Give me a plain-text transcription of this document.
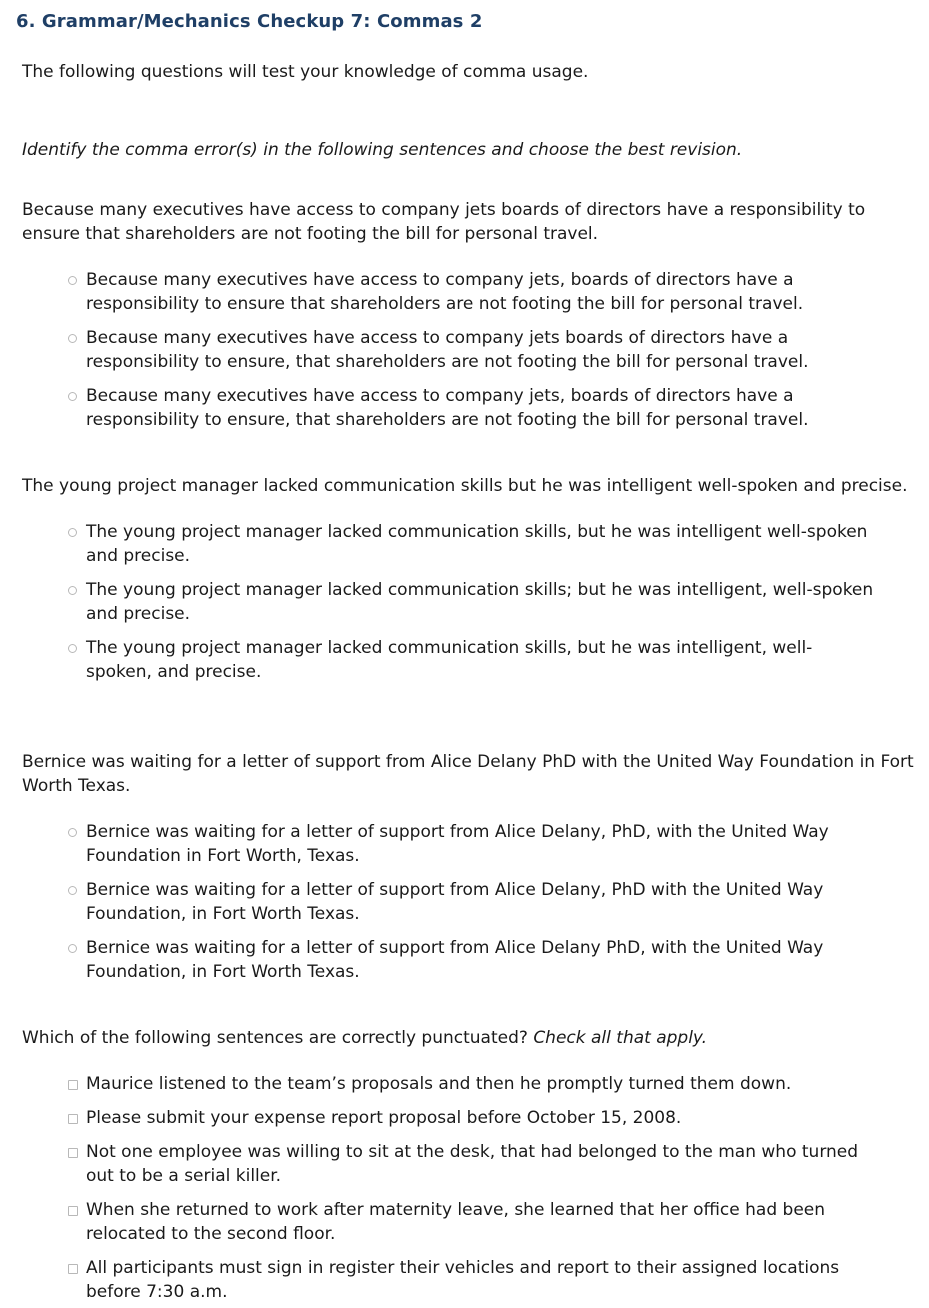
6. Grammar/Mechanics Checkup 7: Commas 2

The following questions will test your knowledge of comma usage.

Identify the comma error(s) in the following sentences and choose the best revision.

Because many executives have access to company jets boards of directors have a responsibility to ensure that shareholders are not footing the bill for personal travel.

Because many executives have access to company jets, boards of directors have a responsibility to ensure that shareholders are not footing the bill for personal travel.
Because many executives have access to company jets boards of directors have a responsibility to ensure, that shareholders are not footing the bill for personal travel.
Because many executives have access to company jets, boards of directors have a responsibility to ensure, that shareholders are not footing the bill for personal travel.

The young project manager lacked communication skills but he was intelligent well-spoken and precise.

The young project manager lacked communication skills, but he was intelligent well-spoken and precise.
The young project manager lacked communication skills; but he was intelligent, well-spoken and precise.
The young project manager lacked communication skills, but he was intelligent, well-spoken, and precise.

Bernice was waiting for a letter of support from Alice Delany PhD with the United Way Foundation in Fort Worth Texas.

Bernice was waiting for a letter of support from Alice Delany, PhD, with the United Way Foundation in Fort Worth, Texas.
Bernice was waiting for a letter of support from Alice Delany, PhD with the United Way Foundation, in Fort Worth Texas.
Bernice was waiting for a letter of support from Alice Delany PhD, with the United Way Foundation, in Fort Worth Texas.

Which of the following sentences are correctly punctuated? Check all that apply.

Maurice listened to the team’s proposals and then he promptly turned them down.
Please submit your expense report proposal before October 15, 2008.
Not one employee was willing to sit at the desk, that had belonged to the man who turned out to be a serial killer.
When she returned to work after maternity leave, she learned that her office had been relocated to the second floor.
All participants must sign in register their vehicles and report to their assigned locations before 7:30 a.m.
